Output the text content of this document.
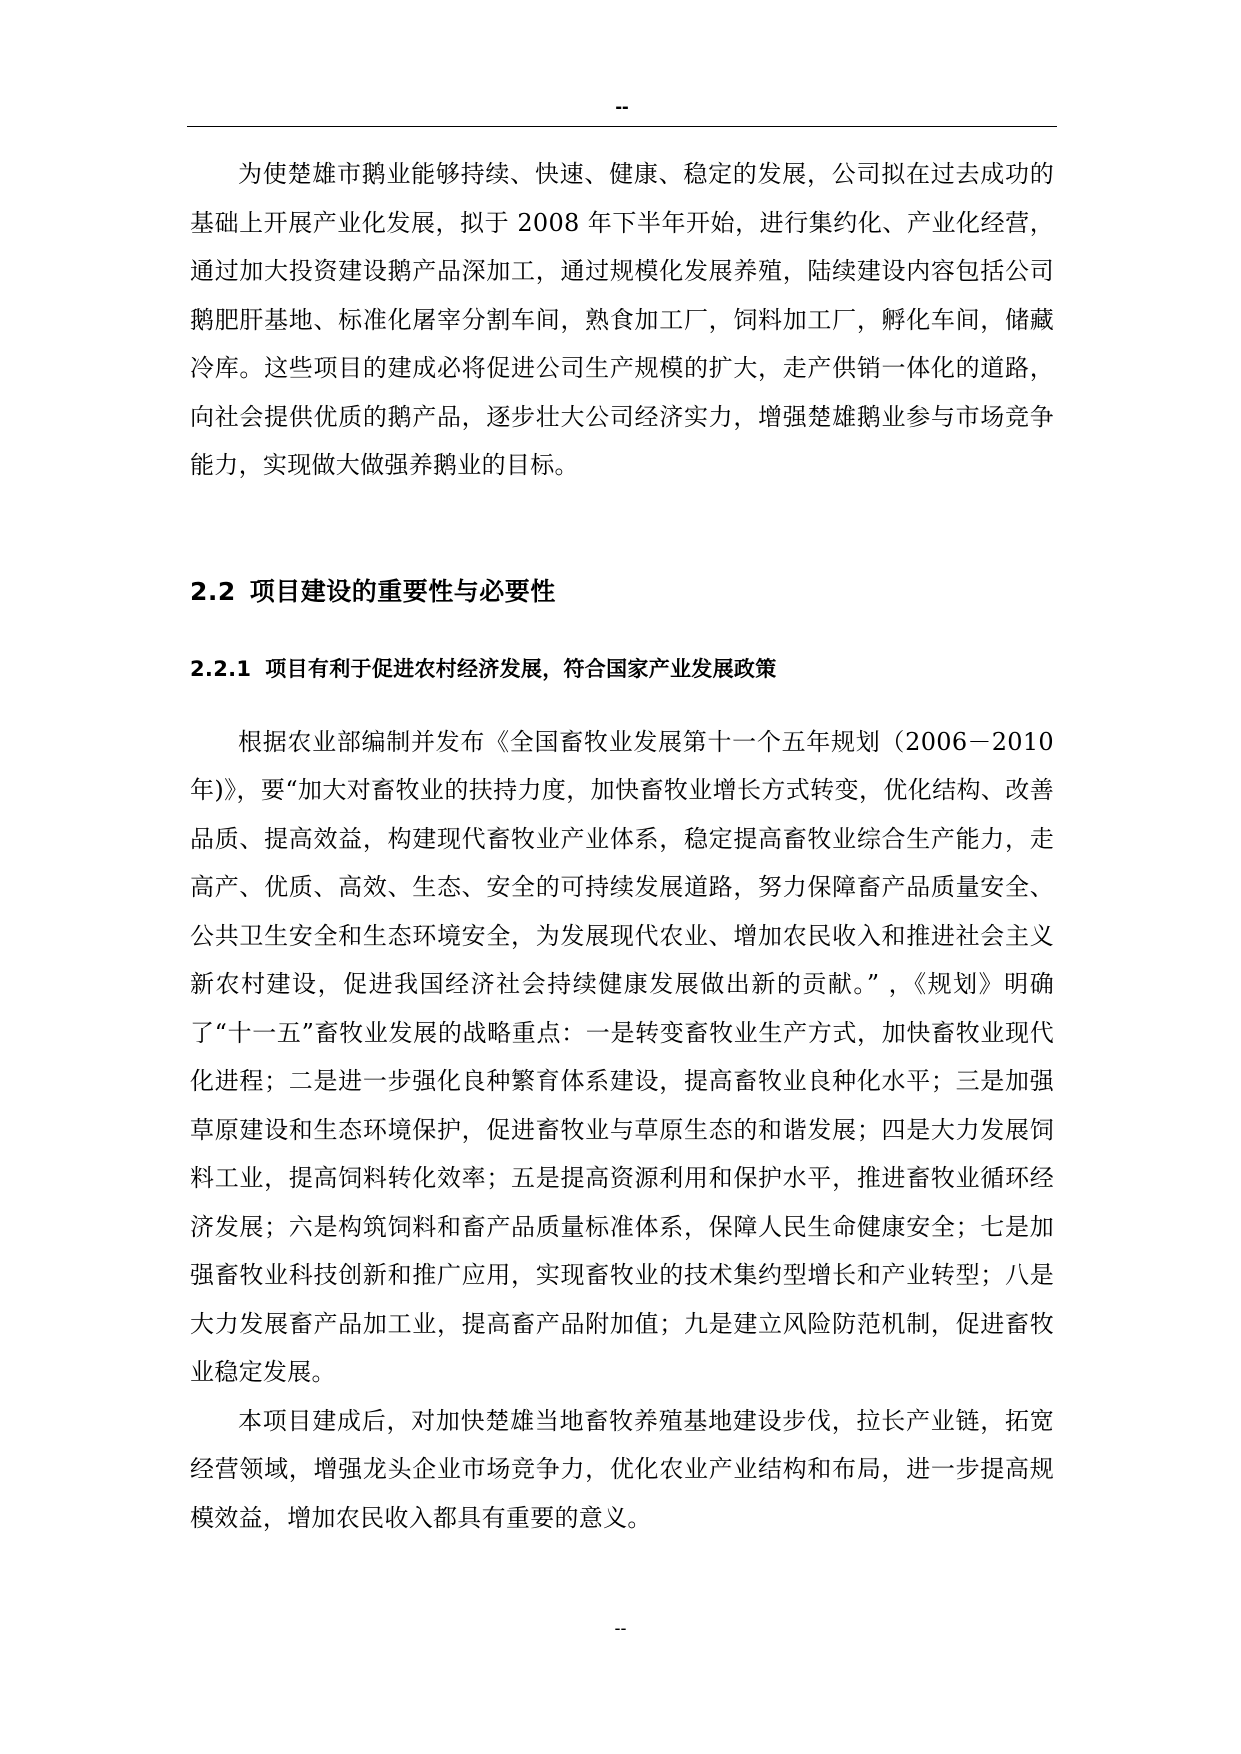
--

为使楚雄市鹅业能够持续、快速、健康、稳定的发展，公司拟在过去成功的基础上开展产业化发展，拟于 2008 年下半年开始，进行集约化、产业化经营，通过加大投资建设鹅产品深加工，通过规模化发展养殖，陆续建设内容包括公司鹅肥肝基地、标准化屠宰分割车间，熟食加工厂，饲料加工厂，孵化车间，储藏冷库。这些项目的建成必将促进公司生产规模的扩大，走产供销一体化的道路，向社会提供优质的鹅产品，逐步壮大公司经济实力，增强楚雄鹅业参与市场竞争能力，实现做大做强养鹅业的目标。

2.2 项目建设的重要性与必要性
2.2.1 项目有利于促进农村经济发展，符合国家产业发展政策

根据农业部编制并发布《全国畜牧业发展第十一个五年规划（2006－2010 年)》，要“加大对畜牧业的扶持力度，加快畜牧业增长方式转变，优化结构、改善品质、提高效益，构建现代畜牧业产业体系，稳定提高畜牧业综合生产能力，走高产、优质、高效、生态、安全的可持续发展道路，努力保障畜产品质量安全、公共卫生安全和生态环境安全，为发展现代农业、增加农民收入和推进社会主义新农村建设，促进我国经济社会持续健康发展做出新的贡献。” ，《规划》明确了“十一五”畜牧业发展的战略重点：一是转变畜牧业生产方式，加快畜牧业现代化进程；二是进一步强化良种繁育体系建设，提高畜牧业良种化水平；三是加强草原建设和生态环境保护，促进畜牧业与草原生态的和谐发展；四是大力发展饲料工业，提高饲料转化效率；五是提高资源利用和保护水平，推进畜牧业循环经济发展；六是构筑饲料和畜产品质量标准体系，保障人民生命健康安全；七是加强畜牧业科技创新和推广应用，实现畜牧业的技术集约型增长和产业转型；八是大力发展畜产品加工业，提高畜产品附加值；九是建立风险防范机制，促进畜牧业稳定发展。

本项目建成后，对加快楚雄当地畜牧养殖基地建设步伐，拉长产业链，拓宽经营领域，增强龙头企业市场竞争力，优化农业产业结构和布局，进一步提高规模效益，增加农民收入都具有重要的意义。

--
